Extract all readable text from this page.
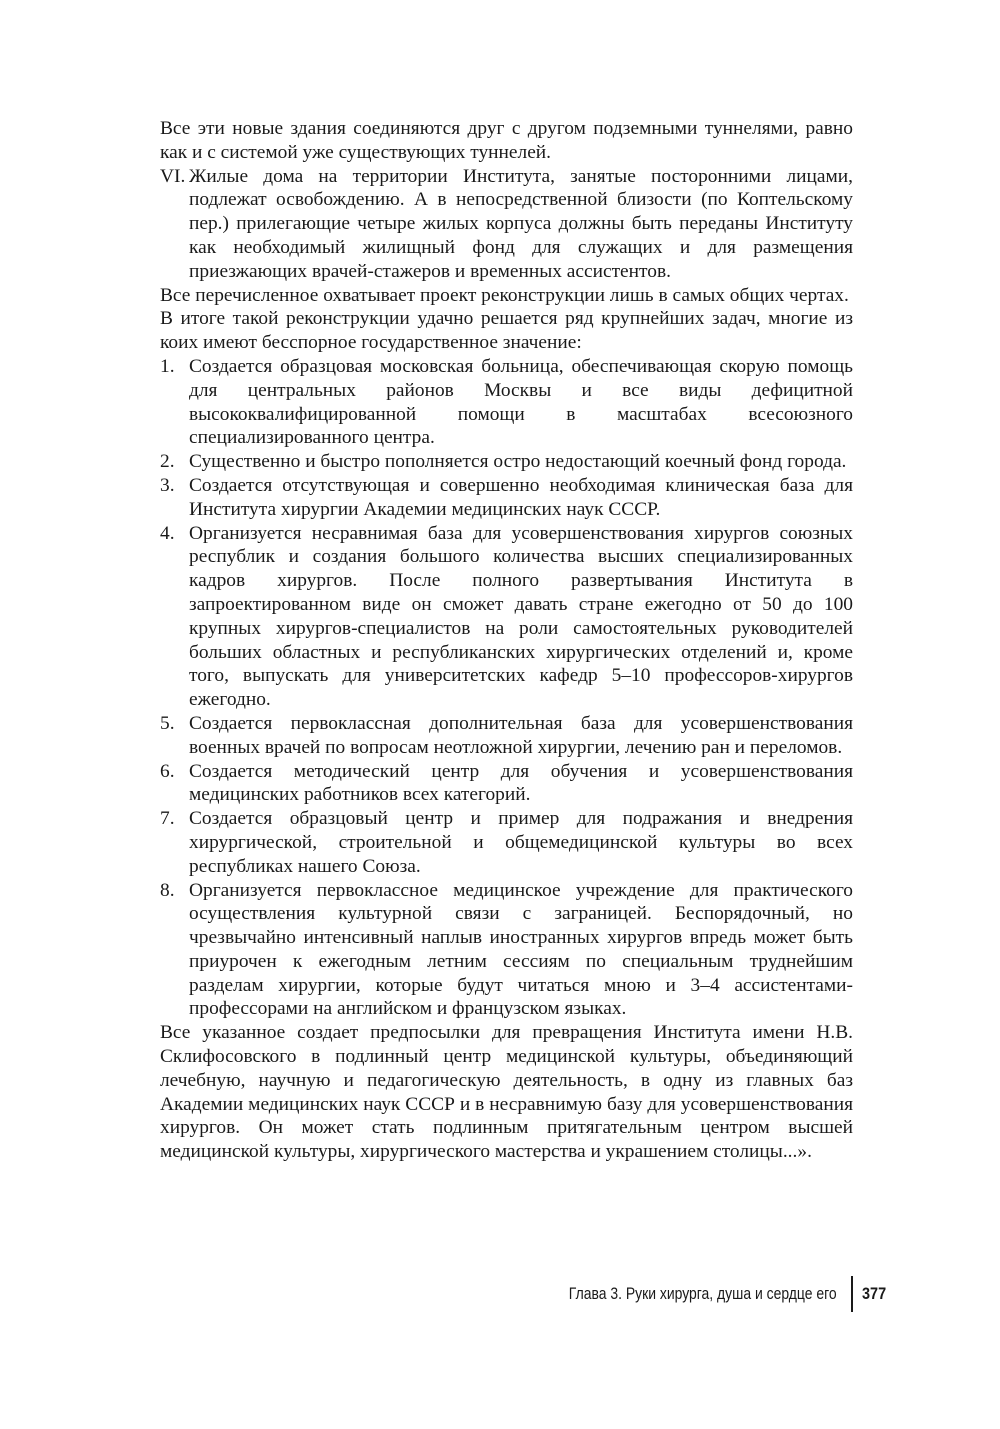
Все эти новые здания соединяются друг с другом подземными туннелями, равно как и с системой уже существующих туннелей.

VI. Жилые дома на территории Института, занятые посторонними лицами, подлежат освобождению. А в непосредственной близости (по Коптельскому пер.) прилегающие четыре жилых корпуса должны быть переданы Институту как необходимый жилищный фонд для служащих и для размещения приезжающих врачей-стажеров и временных ассистентов.

Все перечисленное охватывает проект реконструкции лишь в самых общих чертах.

В итоге такой реконструкции удачно решается ряд крупнейших задач, многие из коих имеют бесспорное государственное значение:

1. Создается образцовая московская больница, обеспечивающая скорую помощь для центральных районов Москвы и все виды дефицитной высококвалифицированной помощи в масштабах всесоюзного специализированного центра.
2. Существенно и быстро пополняется остро недостающий коечный фонд города.
3. Создается отсутствующая и совершенно необходимая клиническая база для Института хирургии Академии медицинских наук СССР.
4. Организуется несравнимая база для усовершенствования хирургов союзных республик и создания большого количества высших специализированных кадров хирургов. После полного развертывания Института в запроектированном виде он сможет давать стране ежегодно от 50 до 100 крупных хирургов-специалистов на роли самостоятельных руководителей больших областных и республиканских хирургических отделений и, кроме того, выпускать для университетских кафедр 5–10 профессоров-хирургов ежегодно.
5. Создается первоклассная дополнительная база для усовершенствования военных врачей по вопросам неотложной хирургии, лечению ран и переломов.
6. Создается методический центр для обучения и усовершенствования медицинских работников всех категорий.
7. Создается образцовый центр и пример для подражания и внедрения хирургической, строительной и общемедицинской культуры во всех республиках нашего Союза.
8. Организуется первоклассное медицинское учреждение для практического осуществления культурной связи с заграницей. Беспорядочный, но чрезвычайно интенсивный наплыв иностранных хирургов впредь может быть приурочен к ежегодным летним сессиям по специальным труднейшим разделам хирургии, которые будут читаться мною и 3–4 ассистентами-профессорами на английском и французском языках.

Все указанное создает предпосылки для превращения Института имени Н.В. Склифосовского в подлинный центр медицинской культуры, объединяющий лечебную, научную и педагогическую деятельность, в одну из главных баз Академии медицинских наук СССР и в несравнимую базу для усовершенствования хирургов. Он может стать подлинным притягательным центром высшей медицинской культуры, хирургического мастерства и украшением столицы...».

Глава 3. Руки хирурга, душа и сердце его 377
